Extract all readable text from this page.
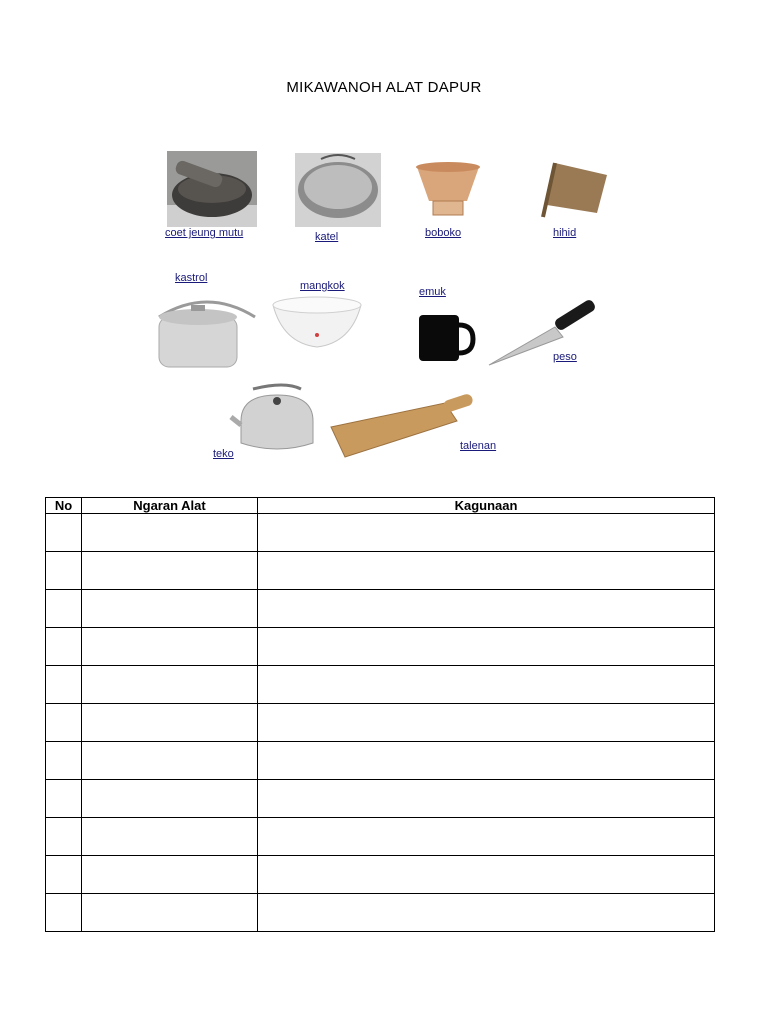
MIKAWANOH ALAT DAPUR
coet jeung mutu	katel	boboko	hihid
kastrol
mangkok	emuk
peso
teko
talenan
No	Ngaran Alat	Kagunaan
